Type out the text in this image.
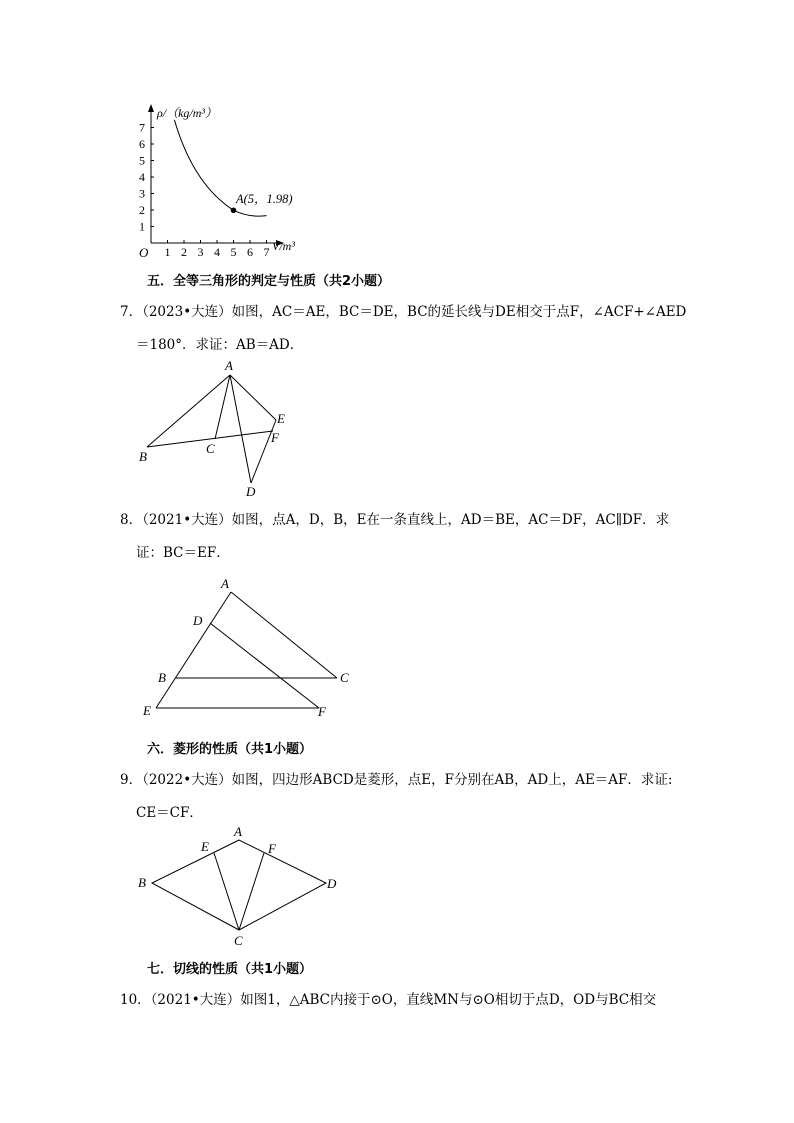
1
2
3
4
5
6
7
1 2 3 4 5 6 7
O	V/m³
ρ/（kg/m³）
A(5，1.98)
五．全等三角形的判定与性质（共2小题）
7．（2023•大连）如图，AC＝AE，BC＝DE，BC的延长线与DE相交于点F，∠ACF+∠AED
＝180°．求证：AB＝AD．
A
B
C
D
E
F
8．（2021•大连）如图，点A，D，B，E在一条直线上，AD＝BE，AC＝DF，AC∥DF．求
证：BC＝EF．
A
D
B	C
E	F
六．菱形的性质（共1小题）
9．（2022•大连）如图，四边形ABCD是菱形，点E，F分别在AB，AD上，AE＝AF．求证:
CE＝CF．
A
E	F
B	D
C
七．切线的性质（共1小题）
10．（2021•大连）如图1，△ABC内接于⊙O，直线MN与⊙O相切于点D，OD与BC相交
